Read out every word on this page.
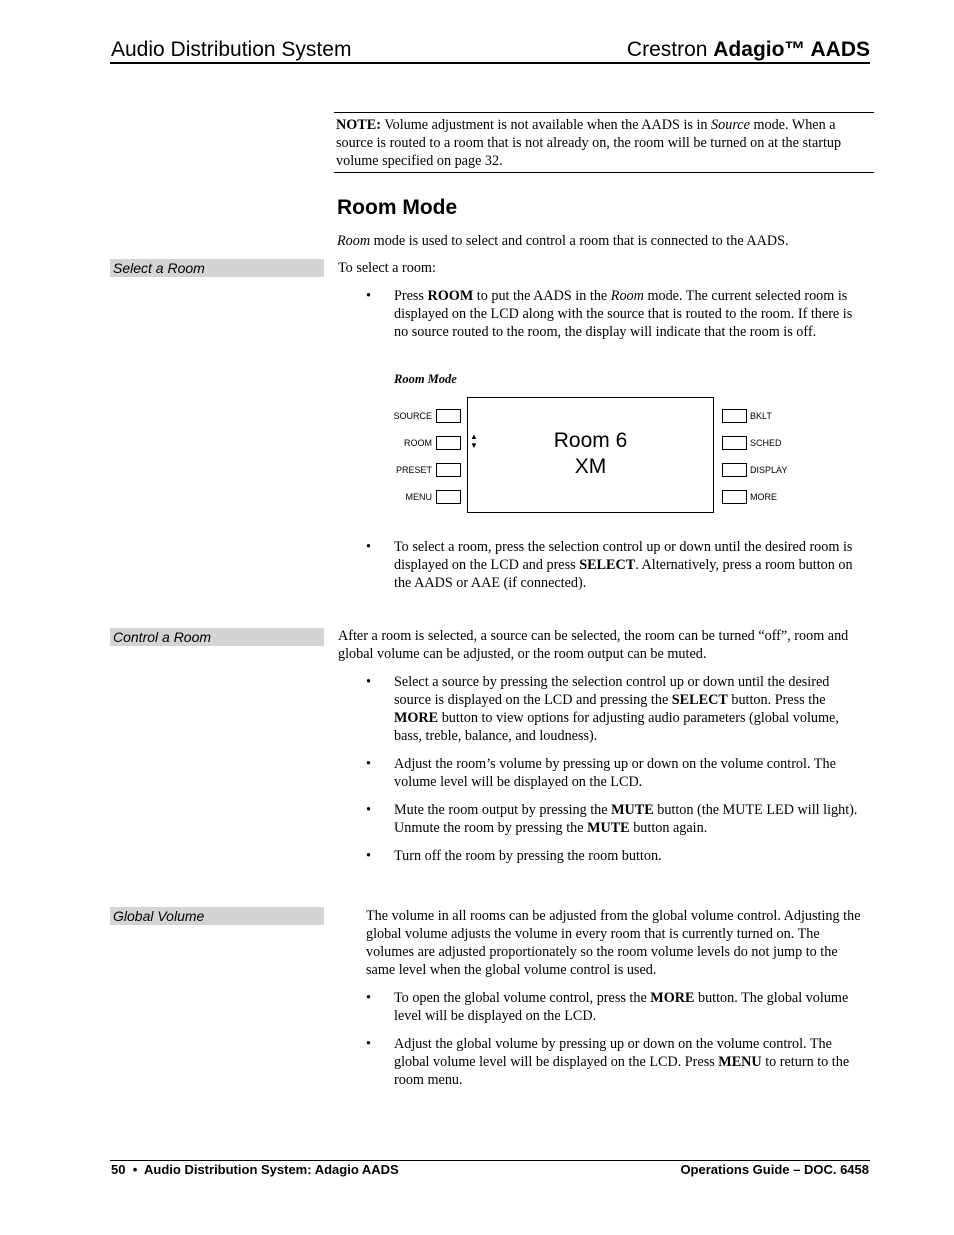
Audio Distribution System	Crestron Adagio™ AADS
NOTE: Volume adjustment is not available when the AADS is in Source mode. When a source is routed to a room that is not already on, the room will be turned on at the startup volume specified on page 32.
Room Mode
Room mode is used to select and control a room that is connected to the AADS.
Select a Room	To select a room:
• Press ROOM to put the AADS in the Room mode. The current selected room is displayed on the LCD along with the source that is routed to the room. If there is no source routed to the room, the display will indicate that the room is off.
Room Mode
Room 6
XM
▲
▼
SOURCE
ROOM
PRESET
MENU
BKLT
SCHED
DISPLAY
MORE
• To select a room, press the selection control up or down until the desired room is displayed on the LCD and press SELECT. Alternatively, press a room button on the AADS or AAE (if connected).
Control a Room	After a room is selected, a source can be selected, the room can be turned “off”, room and global volume can be adjusted, or the room output can be muted.
• Select a source by pressing the selection control up or down until the desired source is displayed on the LCD and pressing the SELECT button. Press the MORE button to view options for adjusting audio parameters (global volume, bass, treble, balance, and loudness).
• Adjust the room’s volume by pressing up or down on the volume control. The volume level will be displayed on the LCD.
• Mute the room output by pressing the MUTE button (the MUTE LED will light). Unmute the room by pressing the MUTE button again.
• Turn off the room by pressing the room button.
Global Volume	The volume in all rooms can be adjusted from the global volume control. Adjusting the global volume adjusts the volume in every room that is currently turned on. The volumes are adjusted proportionately so the room volume levels do not jump to the same level when the global volume control is used.
• To open the global volume control, press the MORE button. The global volume level will be displayed on the LCD.
• Adjust the global volume by pressing up or down on the volume control. The global volume level will be displayed on the LCD. Press MENU to return to the room menu.
50 • Audio Distribution System: Adagio AADS	Operations Guide – DOC. 6458
